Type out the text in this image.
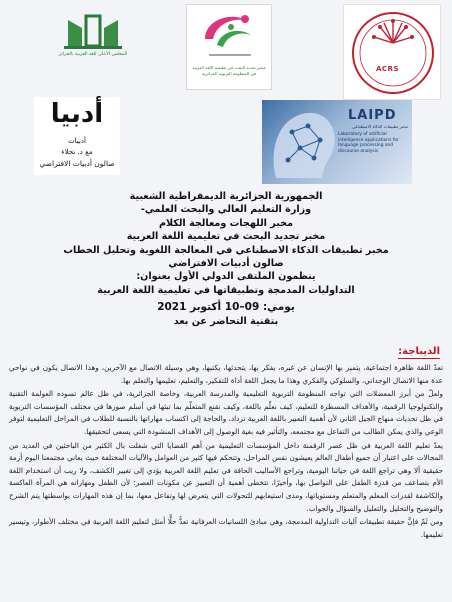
المجلس الأعلى للغة العربية بالجزائر
مخبر تجديد البحث في تعليمية اللغة العربية في المنظومة التربوية الجزائرية
ACRS
أدبيا
أدبيات
مع د. نجلاء
صالون أدبيات الافتراضي
LAIPD
مخبر تطبيقات الذكاء الاصطناعي
Laboratory of artificial intelligence applications for language processing and discourse analysis
الجمهورية الجزائرية الديمقراطية الشعبية
وزارة التعليم العالي والبحث العلمي-
مخبر اللهجات ومعالجة الكلام
مخبر تجديد البحث في تعليمية اللغة العربية
مخبر تطبيقات الذكاء الاصطناعي في المعالجة اللغوية وتحليل الخطاب
صالون أدبيات الافتراضي
ينظمون الملتقى الدولي الأول بعنوان:
التداوليات المدمجة وتطبيقاتها في تعليمية اللغة العربية
يومي: 09–10 أكتوبر 2021
بتقنية التحاضر عن بعد
الديباجة:

تعدّ اللغة ظاهرة اجتماعية، يتميز بها الإنسان عن غيره، يفكر بها، يتحدثها، يكتبها، وهي وسيلة الاتصال مع الآخرين، وهذا الاتصال يكون في نواحي عدة منها الاتصال الوجداني، والسلوكي والفكري وهذا ما يجعل اللغة أداة للتفكير، والتعليم، تعليمها والتعلم بها.

ولعلّ من أبرز المعضلات التي تواجه المنظومة التربوية التعليمية والمدرسة العربية، وخاصة الجزائرية، في ظل عالم تسوده العولمة التقنية والتكنولوجيا الرقمية، والأهداف المسطرة للتعليم، كيف نعلّم باللغة، وكيف نقنع المتعلّم بما تبثها في أسلم صورها في مختلف المؤسسات التربوية في ظل تحديات منهاج الجيل الثاني لأن أهمية التعبير باللغة العربية تزداد، والحاجة إلى اكتساب مهاراتها بالنسبة للطلاب في المراحل التعليمية لتوفر الوعي والذي يمكن الطالب من التفاعل مع مجتمعه، والتأثير فيه بغية الوصول إلى الأهداف المنشودة التي يسعى لتحقيقها.

يعدّ تعليم اللغة العربية في ظل عصر الرقمنة داخل المؤسسات التعليمية من أهم القضايا التي شغلت بال الكثير من الباحثين في العديد من المجالات على اعتبار أن جميع أطفال العالم يعيشون نفس المراحل، وتتحكم فيها كثير من العوامل والآليات المختلفة حيث يعاني مجتمعنا اليوم أزمة حقيقية ألا وهي تراجع اللغة في حياتنا اليومية، وتراجع الأساليب الحافة في تعليم اللغة العربية يؤدي إلى تغيير الكشف، ولا ريب أن استخدام اللغة الأم يتضاعف من قدرة الطفل على التواصل بها، وأخيرًا، تتخطى أهمية أن التعبير عن مكونات العصر؛ لأن الطفل ومهاراته هي المرآة العاكسة والكاشفة لقدرات المعلم والمتعلم ومستوياتها، ومدى استيعابهم للتحولات التي يتعرض لها وتفاعل معها، بما إن هذه المهارات بواسطتها يتم الشرح والتوضيح والتحليل والتعليل والسؤال والجواب.

ومن ثَمّ فإنَّ حقيقة تطبيقات آليات التداولية المدمجة، وهي مبادئ اللسانيات العرفانية تعدُّ حلًّا أمثل لتعليم اللغة العربية في مختلف الأطوار، وتيسير تعليمها.
